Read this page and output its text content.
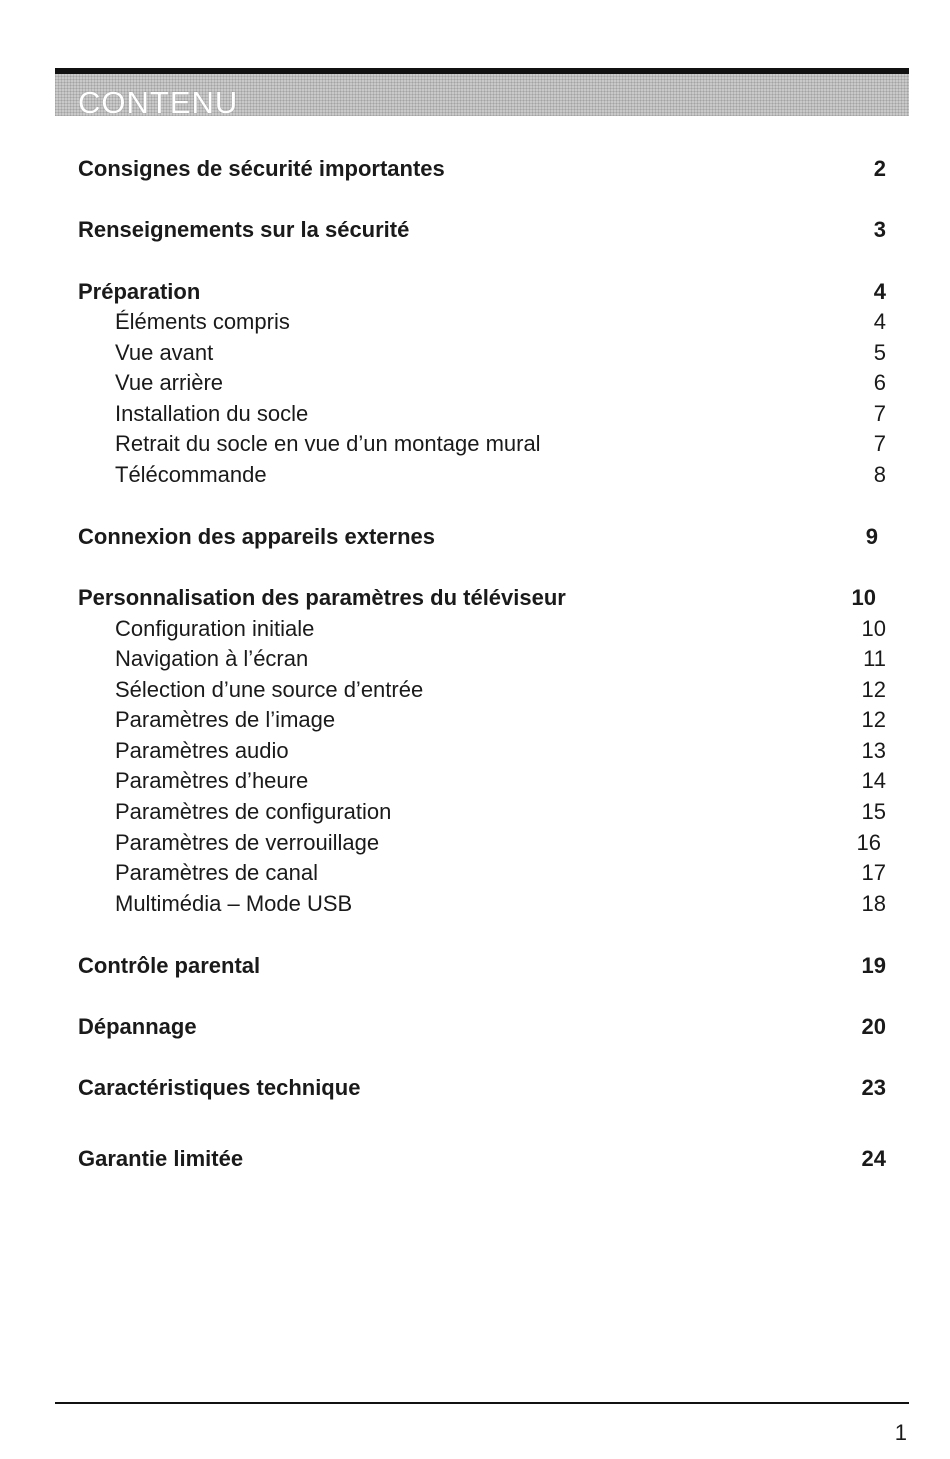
CONTENU
Consignes de sécurité importantes	2
Renseignements sur la sécurité	3
Préparation	4
Éléments compris	4
Vue avant	5
Vue arrière	6
Installation du socle	7
Retrait du socle en vue d’un montage mural	7
Télécommande	8
Connexion des appareils externes	9
Personnalisation des paramètres du téléviseur	10
Configuration initiale	10
Navigation à l’écran	11
Sélection d’une source d’entrée	12
Paramètres de l’image	12
Paramètres audio	13
Paramètres d’heure	14
Paramètres de configuration	15
Paramètres de verrouillage	16
Paramètres de canal	17
Multimédia – Mode USB	18
Contrôle parental	19
Dépannage	20
Caractéristiques technique	23
Garantie limitée	24
1
